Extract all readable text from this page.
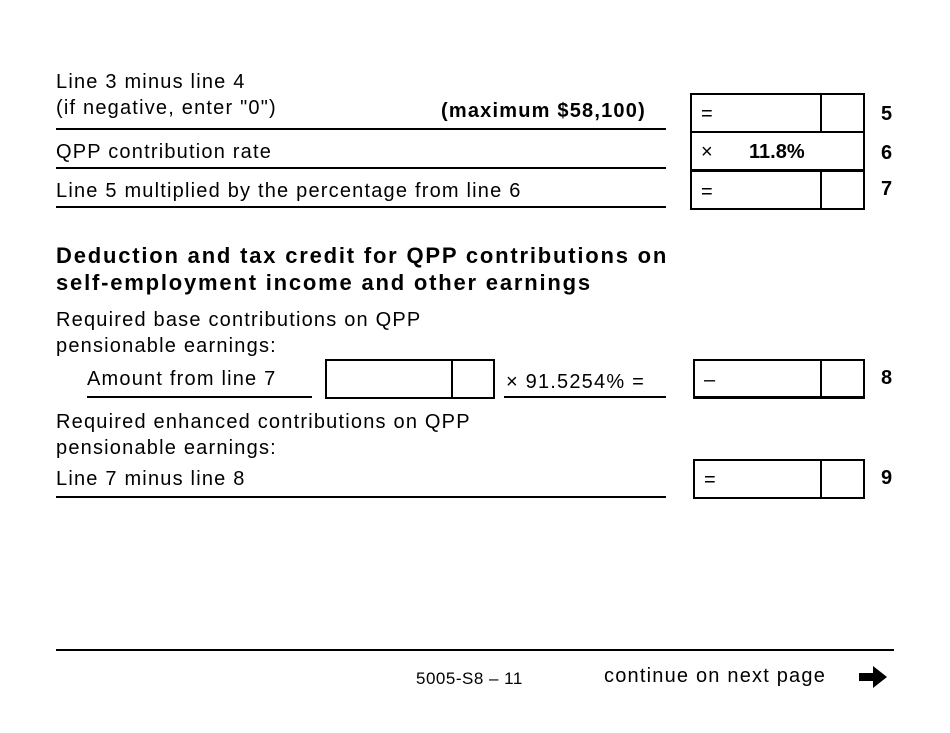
Line 3 minus line 4
(if negative, enter "0")	(maximum $58,100)	=	5
QPP contribution rate	× 11.8%	6
Line 5 multiplied by the percentage from line 6	=	7
Deduction and tax credit for QPP contributions on
self-employment income and other earnings
Required base contributions on QPP
pensionable earnings:
Amount from line 7	× 91.5254% =	–	8
Required enhanced contributions on QPP
pensionable earnings:
Line 7 minus line 8	=	9
5005-S8 – 11	continue on next page
